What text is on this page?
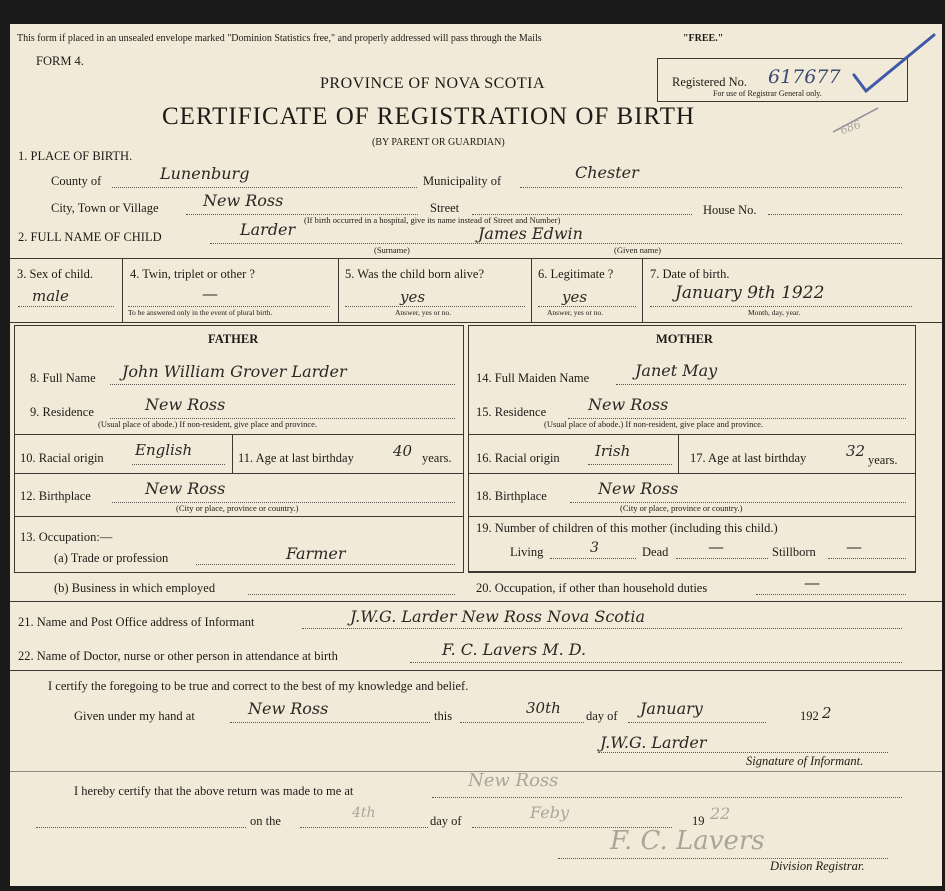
This form if placed in an unsealed envelope marked "Dominion Statistics free," and properly addressed will pass through the Mails	"FREE."
FORM 4.
Registered No. 617677
For use of Registrar General only.
686
PROVINCE OF NOVA SCOTIA
CERTIFICATE OF REGISTRATION OF BIRTH
(BY PARENT OR GUARDIAN)
1. PLACE OF BIRTH.
County of	Lunenburg	Municipality of	Chester
City, Town or Village	New Ross	Street	House No.
(If birth occurred in a hospital, give its name instead of Street and Number)
2. FULL NAME OF CHILD	Larder	James Edwin
(Surname)	(Given name)
3. Sex of child.
male
4. Twin, triplet or other ?
—
To be answered only in the event of plural birth.
5. Was the child born alive?
yes
Answer, yes or no.
6. Legitimate ?
yes
Answer, yes or no.
7. Date of birth.
January 9th 1922
Month, day, year.
FATHER	MOTHER
8. Full Name John William Grover Larder
9. Residence	New Ross
(Usual place of abode.) If non-resident, give place and province.
10. Racial origin English	11. Age at last birthday	40 years.
12. Birthplace	New Ross
(City or place, province or country.)
13. Occupation:—
(a) Trade or profession	Farmer
(b) Business in which employed
14. Full Maiden Name	Janet May
15. Residence	New Ross
(Usual place of abode.) If non-resident, give place and province.
16. Racial origin Irish	17. Age at last birthday	32 years.
18. Birthplace	New Ross
(City or place, province or country.)
19. Number of children of this mother (including this child.)
Living	3	Dead —	Stillborn —
20. Occupation, if other than household duties	—
21. Name and Post Office address of Informant	J.W.G. Larder New Ross Nova Scotia
22. Name of Doctor, nurse or other person in attendance at birth	F. C. Lavers M. D.
I certify the foregoing to be true and correct to the best of my knowledge and belief.
Given under my hand at	New Ross	this	30th day of January	192 2
J.W.G. Larder
Signature of Informant.
I hereby certify that the above return was made to me at	New Ross
on the	4th	day of	Feby	19 22
F. C. Lavers
Division Registrar.
